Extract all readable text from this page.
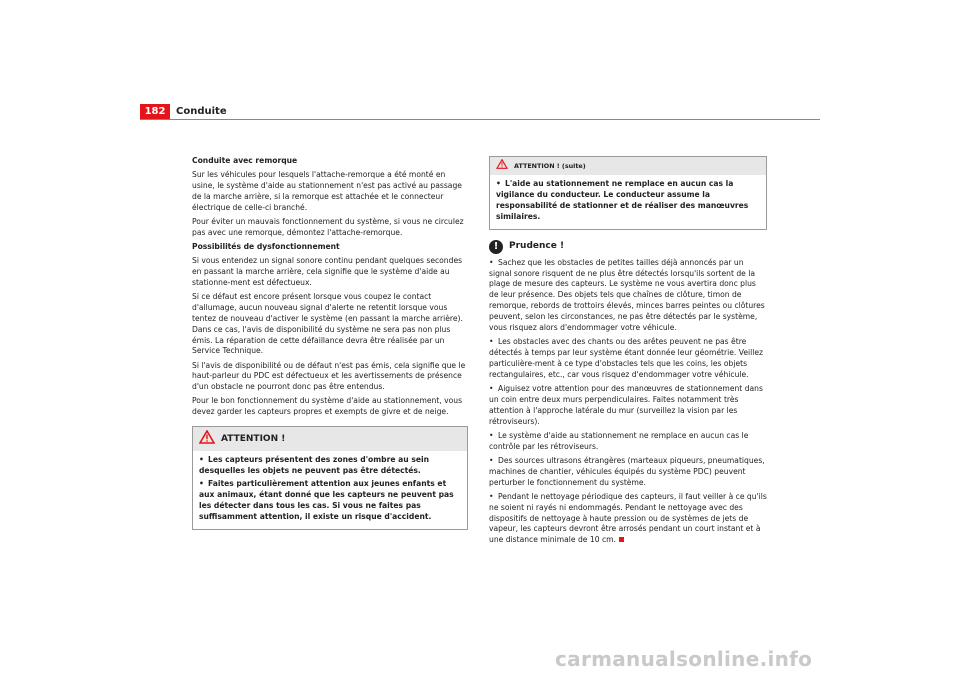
182	Conduite

Conduite avec remorque

Sur les véhicules pour lesquels l'attache-remorque a été monté en usine, le système d'aide au stationnement n'est pas activé au passage de la marche arrière, si la remorque est attachée et le connecteur électrique de celle-ci branché.

Pour éviter un mauvais fonctionnement du système, si vous ne circulez pas avec une remorque, démontez l'attache-remorque.

Possibilités de dysfonctionnement

Si vous entendez un signal sonore continu pendant quelques secondes en passant la marche arrière, cela signifie que le système d'aide au stationne-ment est défectueux.

Si ce défaut est encore présent lorsque vous coupez le contact d'allumage, aucun nouveau signal d'alerte ne retentit lorsque vous tentez de nouveau d'activer le système (en passant la marche arrière). Dans ce cas, l'avis de disponibilité du système ne sera pas non plus émis. La réparation de cette défaillance devra être réalisée par un Service Technique.

Si l'avis de disponibilité ou de défaut n'est pas émis, cela signifie que le haut-parleur du PDC est défectueux et les avertissements de présence d'un obstacle ne pourront donc pas être entendus.

Pour le bon fonctionnement du système d'aide au stationnement, vous devez garder les capteurs propres et exempts de givre et de neige.

ATTENTION !

• Les capteurs présentent des zones d'ombre au sein desquelles les objets ne peuvent pas être détectés.

• Faites particulièrement attention aux jeunes enfants et aux animaux, étant donné que les capteurs ne peuvent pas les détecter dans tous les cas. Si vous ne faites pas suffisamment attention, il existe un risque d'accident.

ATTENTION ! (suite)

• L'aide au stationnement ne remplace en aucun cas la vigilance du conducteur. Le conducteur assume la responsabilité de stationner et de réaliser des manœuvres similaires.

!	Prudence !

• Sachez que les obstacles de petites tailles déjà annoncés par un signal sonore risquent de ne plus être détectés lorsqu'ils sortent de la plage de mesure des capteurs. Le système ne vous avertira donc plus de leur présence. Des objets tels que chaînes de clôture, timon de remorque, rebords de trottoirs élevés, minces barres peintes ou clôtures peuvent, selon les circonstances, ne pas être détectés par le système, vous risquez alors d'endommager votre véhicule.

• Les obstacles avec des chants ou des arêtes peuvent ne pas être détectés à temps par leur système étant donnée leur géométrie. Veillez particulière-ment à ce type d'obstacles tels que les coins, les objets rectangulaires, etc., car vous risquez d'endommager votre véhicule.

• Aiguisez votre attention pour des manœuvres de stationnement dans un coin entre deux murs perpendiculaires. Faites notamment très attention à l'approche latérale du mur (surveillez la vision par les rétroviseurs).

• Le système d'aide au stationnement ne remplace en aucun cas le contrôle par les rétroviseurs.

• Des sources ultrasons étrangères (marteaux piqueurs, pneumatiques, machines de chantier, véhicules équipés du système PDC) peuvent perturber le fonctionnement du système.

• Pendant le nettoyage périodique des capteurs, il faut veiller à ce qu'ils ne soient ni rayés ni endommagés. Pendant le nettoyage avec des dispositifs de nettoyage à haute pression ou de systèmes de jets de vapeur, les capteurs devront être arrosés pendant un court instant et à une distance minimale de 10 cm.

carmanualsonline.info
